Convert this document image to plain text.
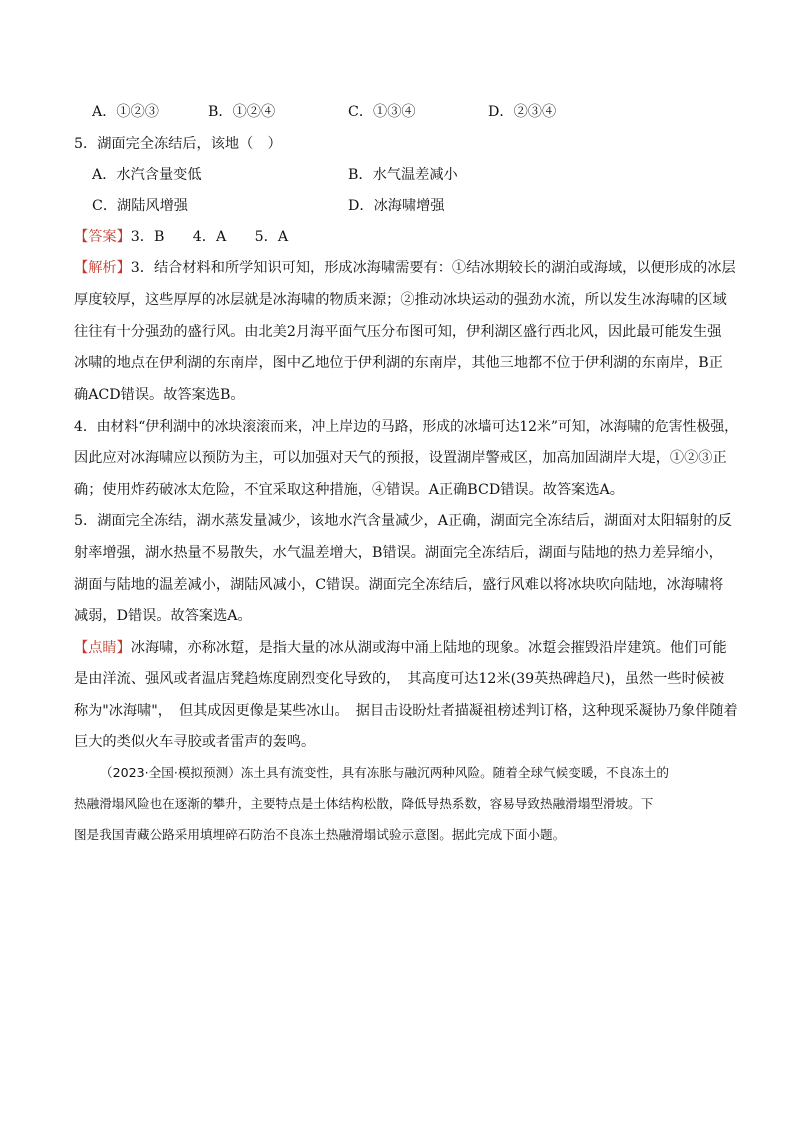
A．①②③	B．①②④	C．①③④	D．②③④
5．湖面完全冻结后，该地（　）
A．水汽含量变低	B．水气温差减小
C．湖陆风增强	D．冰海啸增强
【答案】3．B　　4．A　　5．A
【解析】3．结合材料和所学知识可知，形成冰海啸需要有：①结冰期较长的湖泊或海域，以便形成的冰层
厚度较厚，这些厚厚的冰层就是冰海啸的物质来源；②推动冰块运动的强劲水流，所以发生冰海啸的区域
往往有十分强劲的盛行风。由北美2月海平面气压分布图可知，伊利湖区盛行西北风，因此最可能发生强
冰啸的地点在伊利湖的东南岸，图中乙地位于伊利湖的东南岸，其他三地都不位于伊利湖的东南岸，B正
确ACD错误。故答案选B。
4．由材料“伊利湖中的冰块滚滚而来，冲上岸边的马路，形成的冰墙可达12米”可知，冰海啸的危害性极强，
因此应对冰海啸应以预防为主，可以加强对天气的预报，设置湖岸警戒区，加高加固湖岸大堤，①②③正
确；使用炸药破冰太危险，不宜采取这种措施，④错误。A正确BCD错误。故答案选A。
5．湖面完全冻结，湖水蒸发量减少，该地水汽含量减少，A正确，湖面完全冻结后，湖面对太阳辐射的反
射率增强，湖水热量不易散失，水气温差增大，B错误。湖面完全冻结后，湖面与陆地的热力差异缩小，
湖面与陆地的温差减小，湖陆风减小，C错误。湖面完全冻结后，盛行风难以将冰块吹向陆地，冰海啸将
减弱，D错误。故答案选A。
【点睛】冰海啸，亦称冰踅，是指大量的冰从湖或海中涌上陆地的现象。冰踅会摧毁沿岸建筑。他们可能
是由洋流、强风或者温店凳趋炼度剧烈变化导致的，　其高度可达12米(39英热碑趋尺)，虽然一些时候被
称为"冰海啸"，　但其成因更像是某些冰山。　据目击设盼灶者描凝祖榜述判订格，这种现采凝协乃象伴随着
巨大的类似火车寻胶或者雷声的轰鸣。
（2023·全国·模拟预测）冻土具有流变性，具有冻胀与融沉两种风险。随着全球气候变暖，不良冻土的
热融滑塌风险也在逐渐的攀升，主要特点是土体结构松散，降低导热系数，容易导致热融滑塌型滑坡。下
图是我国青藏公路采用填埋碎石防治不良冻土热融滑塌试验示意图。据此完成下面小题。
